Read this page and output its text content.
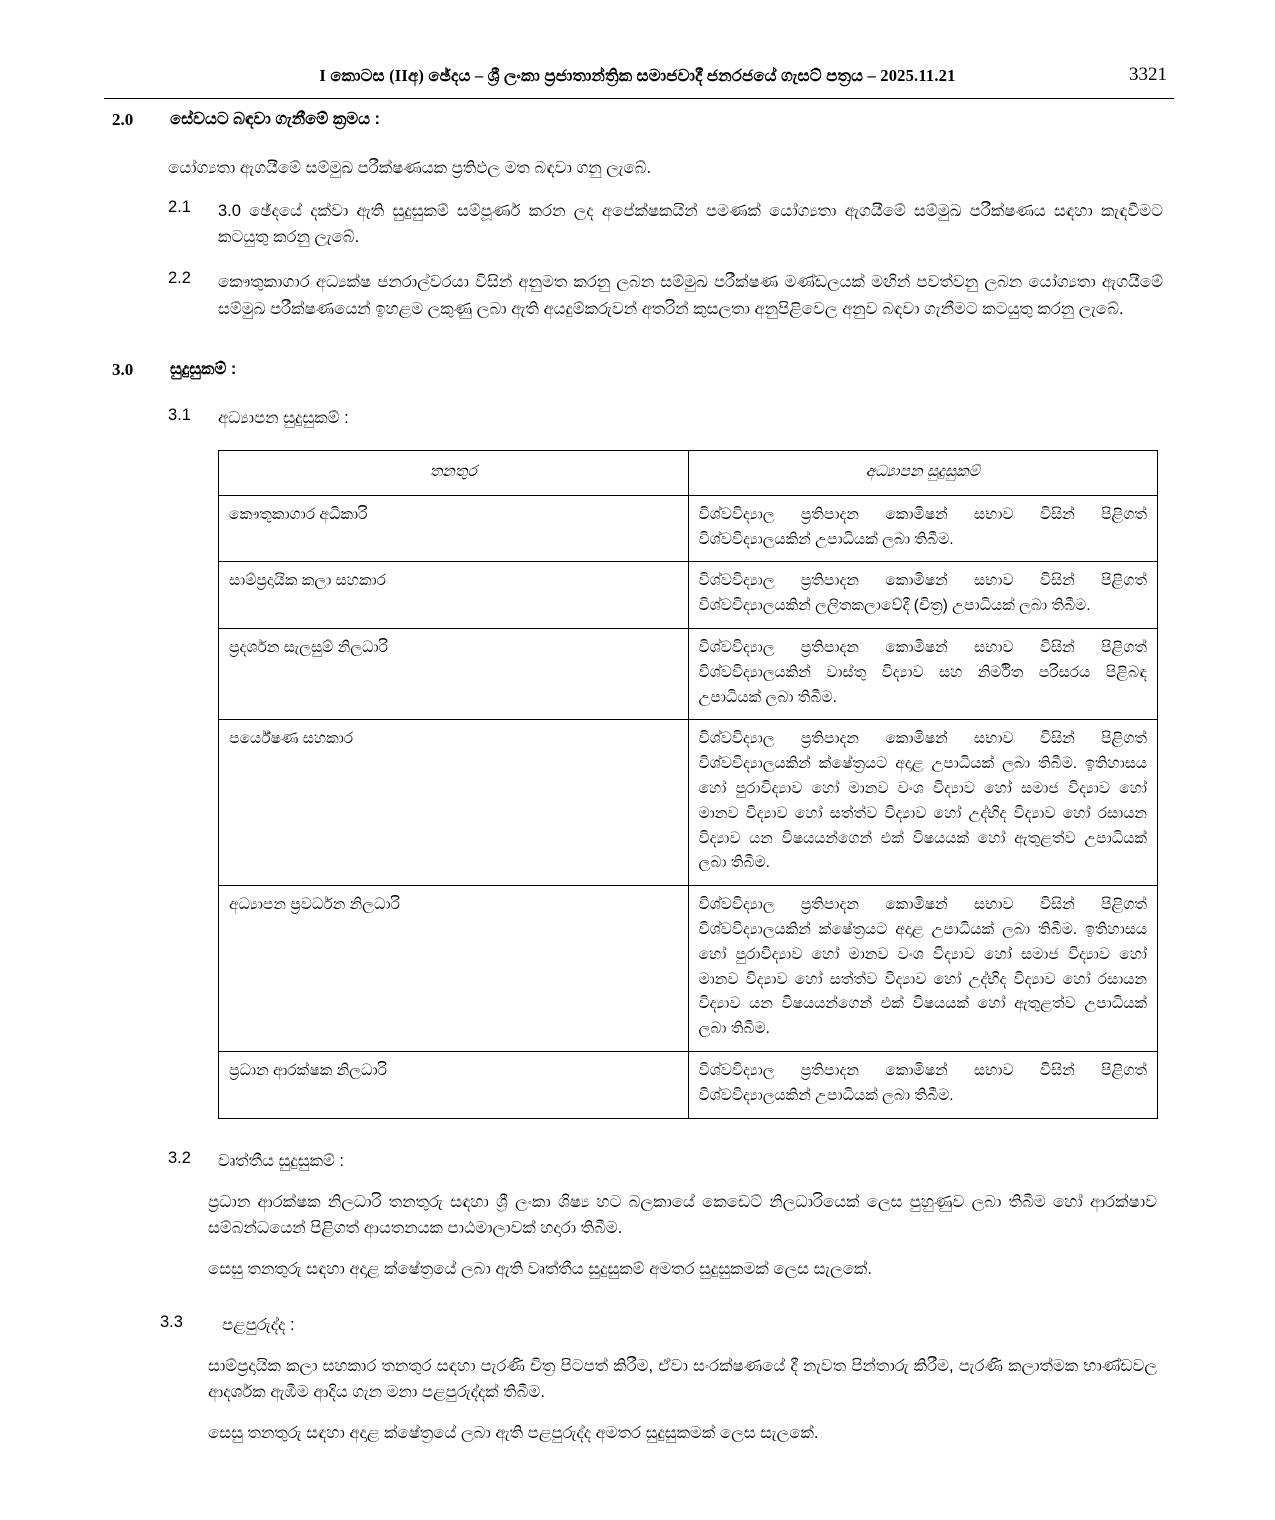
I කොටස (IIඅ) ඡේදය – ශ්‍රී ලංකා ප්‍රජාතාන්ත්‍රික සමාජවාදී ජනරජයේ ගැසට් පත්‍රය – 2025.11.21	3321
2.0	සේවයට බඳවා ගැනීමේ ක්‍රමය :
යෝග්‍යතා ඇගයීමේ සම්මුඛ පරීක්ෂණයක ප්‍රතිඵල මත බඳවා ගනු ලැබේ.
2.1	3.0 ඡේදයේ දක්වා ඇති සුදුසුකම් සම්පූර්ණ කරන ලද අපේක්ෂකයින් පමණක් යෝග්‍යතා ඇගයීමේ සම්මුඛ පරීක්ෂණය සඳහා කැඳවීමට කටයුතු කරනු ලැබේ.
2.2	කෞතුකාගාර අධ්‍යක්ෂ ජනරාල්වරයා විසින් අනුමත කරනු ලබන සම්මුඛ පරීක්ෂණ මණ්ඩලයක් මඟින් පවත්වනු ලබන යෝග්‍යතා ඇගයීමේ සම්මුඛ පරීක්ෂණයෙන් ඉහළම ලකුණු ලබා ඇති අයදුම්කරුවන් අතරින් කුසලතා අනුපිළිවෙල අනුව බඳවා ගැනීමට කටයුතු කරනු ලැබේ.
3.0	සුදුසුකම් :
3.1	අධ්‍යාපන සුදුසුකම් :
තනතුර	අධ්‍යාපන සුදුසුකම්
කෞතුකාගාර අධිකාරි	විශ්වවිද්‍යාල ප්‍රතිපාදන කොමිෂන් සභාව විසින් පිළිගත් විශ්වවිද්‍යාලයකින් උපාධියක් ලබා තිබීම.
සාම්ප්‍රදායික කලා සහකාර	විශ්වවිද්‍යාල ප්‍රතිපාදන කොමිෂන් සභාව විසින් පිළිගත් විශ්වවිද්‍යාලයකින් ලලිතකලාවේදී (චිත්‍ර) උපාධියක් ලබා තිබීම.
ප්‍රදර්ශන සැලසුම් නිලධාරි	විශ්වවිද්‍යාල ප්‍රතිපාදන කොමිෂන් සභාව විසින් පිළිගත් විශ්වවිද්‍යාලයකින් වාස්තු විද්‍යාව සහ නිර්මිත පරිසරය පිළිබඳ උපාධියක් ලබා තිබීම.
පර්යේෂණ සහකාර	විශ්වවිද්‍යාල ප්‍රතිපාදන කොමිෂන් සභාව විසින් පිළිගත් විශ්වවිද්‍යාලයකින් ක්ෂේත්‍රයට අදාළ උපාධියක් ලබා තිබීම. ඉතිහාසය හෝ පුරාවිද්‍යාව හෝ මානව වංශ විද්‍යාව හෝ සමාජ විද්‍යාව හෝ මානව විද්‍යාව හෝ සත්ත්ව විද්‍යාව හෝ උද්භිද විද්‍යාව හෝ රසායන විද්‍යාව යන විෂයයන්ගෙන් එක් විෂයයක් හෝ ඇතුළත්ව උපාධියක් ලබා තිබීම.
අධ්‍යාපන ප්‍රවර්ධන නිලධාරි	විශ්වවිද්‍යාල ප්‍රතිපාදන කොමිෂන් සභාව විසින් පිළිගත් විශ්වවිද්‍යාලයකින් ක්ෂේත්‍රයට අදාළ උපාධියක් ලබා තිබීම. ඉතිහාසය හෝ පුරාවිද්‍යාව හෝ මානව වංශ විද්‍යාව හෝ සමාජ විද්‍යාව හෝ මානව විද්‍යාව හෝ සත්ත්ව විද්‍යාව හෝ උද්භිද විද්‍යාව හෝ රසායන විද්‍යාව යන විෂයයන්ගෙන් එක් විෂයයක් හෝ ඇතුළත්ව උපාධියක් ලබා තිබීම.
ප්‍රධාන ආරක්ෂක නිලධාරි	විශ්වවිද්‍යාල ප්‍රතිපාදන කොමිෂන් සභාව විසින් පිළිගත් විශ්වවිද්‍යාලයකින් උපාධියක් ලබා තිබීම.
3.2	වෘත්තීය සුදුසුකම් :
ප්‍රධාන ආරක්ෂක නිලධාරි තනතුරු සඳහා ශ්‍රී ලංකා ශිෂ්‍ය හට බලකායේ කෙඩෙට් නිලධාරියෙක් ලෙස පුහුණුව ලබා තිබීම හෝ ආරක්ෂාව සම්බන්ධයෙන් පිළිගත් ආයතනයක පාඨමාලාවක් හදාරා තිබීම.
සෙසු තනතුරු සඳහා අදාළ ක්ෂේත්‍රයේ ලබා ඇති වෘත්තීය සුදුසුකම් අමතර සුදුසුකමක් ලෙස සැලකේ.
3.3	පළපුරුද්ද :
සාම්ප්‍රදායික කලා සහකාර තනතුර සඳහා පැරණි චිත්‍ර පිටපත් කිරීම, ඒවා සංරක්ෂණයේ දී නැවත පින්තාරු කිරීම, පැරණි කලාත්මක භාණ්ඩවල ආදර්ශක ඇඹීම ආදිය ගැන මනා පළපුරුද්දක් තිබීම.
සෙසු තනතුරු සඳහා අදාළ ක්ෂේත්‍රයේ ලබා ඇති පළපුරුද්ද අමතර සුදුසුකමක් ලෙස සැලකේ.
